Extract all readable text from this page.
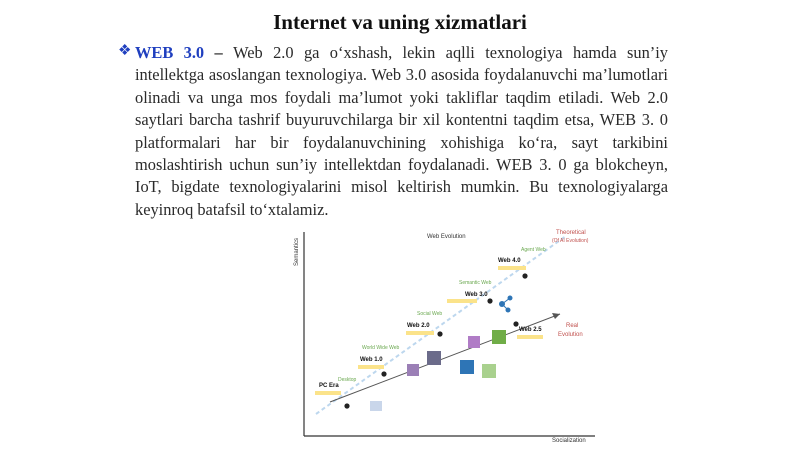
Internet va uning xizmatlari
❖ WEB 3.0 – Web 2.0 ga o‘xshash, lekin aqlli texnologiya hamda sun’iy intellektga asoslangan texnologiya. Web 3.0 asosida foydalanuvchi ma’lumotlari olinadi va unga mos foydali ma’lumot yoki takliflar taqdim etiladi. Web 2.0 saytlari barcha tashrif buyuruvchilarga bir xil kontentni taqdim etsa, WEB 3. 0 platformalari har bir foydalanuvchining xohishiga ko‘ra, sayt tarkibini moslashtirish uchun sun’iy intellektdan foydalanadi. WEB 3. 0 ga blokcheyn, IoT, bigdate texnologiyalarini misol keltirish mumkin. Bu texnologiyalarga keyinroq batafsil to‘xtalamiz.
Semantics
Socialization
Web Evolution
PC Era
Web 1.0
Web 2.0
Web 3.0
Web 4.0
Web 2.5
Desktop
World Wide Web
Social Web
Semantic Web
Agent Web
Theoretical
(Of AI Evolution)
Real
Evolution
